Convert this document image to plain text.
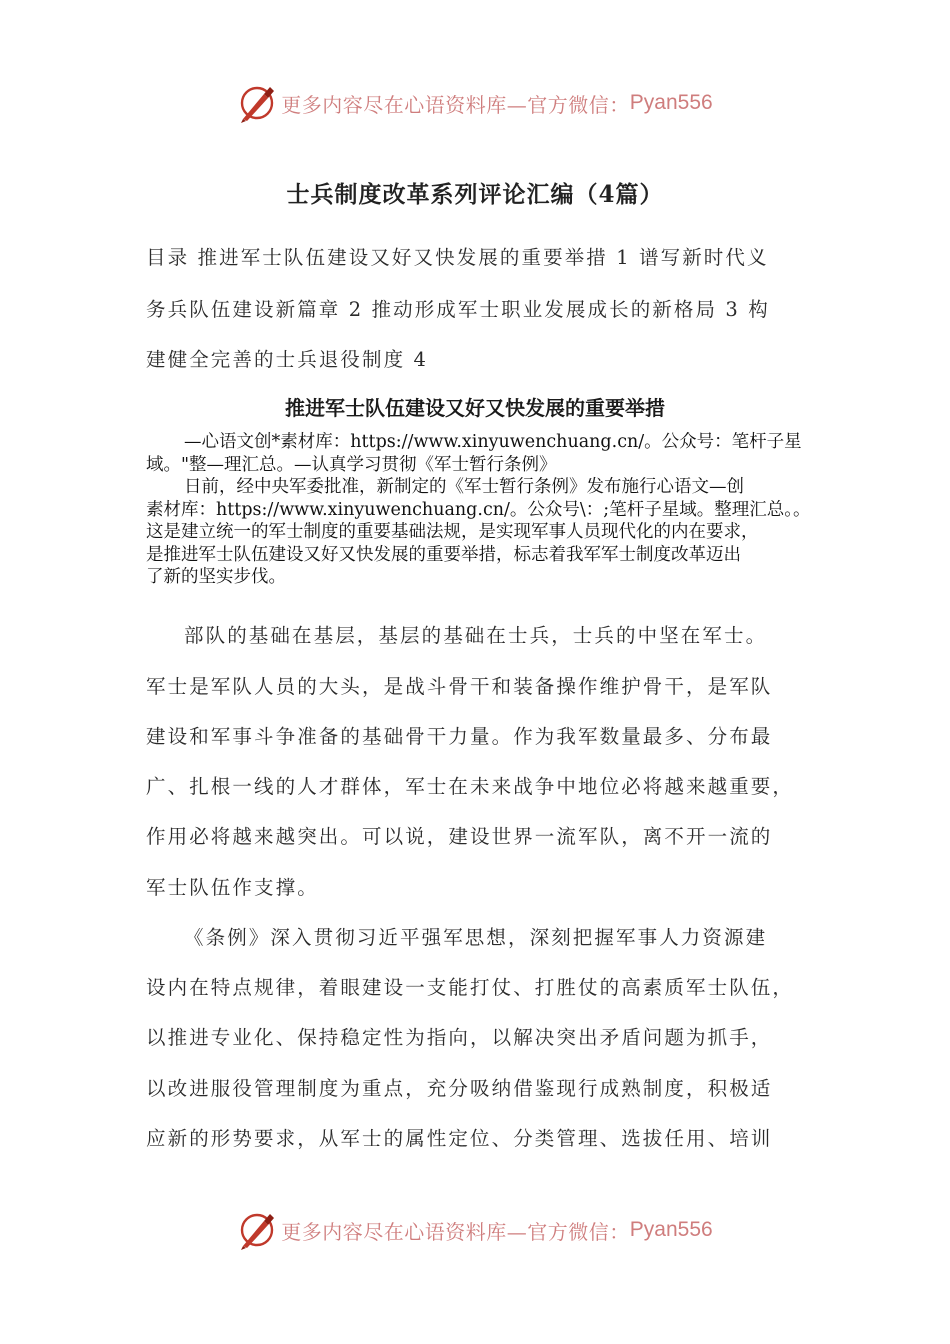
更多内容尽在心语资料库—官方微信： Pyan556
士兵制度改革系列评论汇编（4篇）
目录 推进军士队伍建设又好又快发展的重要举措 1 谱写新时代义
务兵队伍建设新篇章 2 推动形成军士职业发展成长的新格局 3 构
建健全完善的士兵退役制度 4
推进军士队伍建设又好又快发展的重要举措
—心语文创*素材库：https://www.xinyuwenchuang.cn/。公众号：笔杆子星
域。"整—理汇总。—认真学习贯彻《军士暂行条例》
日前，经中央军委批准，新制定的《军士暂行条例》发布施行心语文—创
素材库：https://www.xinyuwenchuang.cn/。公众号\：;笔杆子星域。整理汇总。。
这是建立统一的军士制度的重要基础法规，是实现军事人员现代化的内在要求，
是推进军士队伍建设又好又快发展的重要举措，标志着我军军士制度改革迈出
了新的坚实步伐。
部队的基础在基层，基层的基础在士兵，士兵的中坚在军士。
军士是军队人员的大头，是战斗骨干和装备操作维护骨干，是军队
建设和军事斗争准备的基础骨干力量。作为我军数量最多、分布最
广、扎根一线的人才群体，军士在未来战争中地位必将越来越重要，
作用必将越来越突出。可以说，建设世界一流军队，离不开一流的
军士队伍作支撑。
《条例》深入贯彻习近平强军思想，深刻把握军事人力资源建
设内在特点规律，着眼建设一支能打仗、打胜仗的高素质军士队伍，
以推进专业化、保持稳定性为指向，以解决突出矛盾问题为抓手，
以改进服役管理制度为重点，充分吸纳借鉴现行成熟制度，积极适
应新的形势要求，从军士的属性定位、分类管理、选拔任用、培训
更多内容尽在心语资料库—官方微信： Pyan556
